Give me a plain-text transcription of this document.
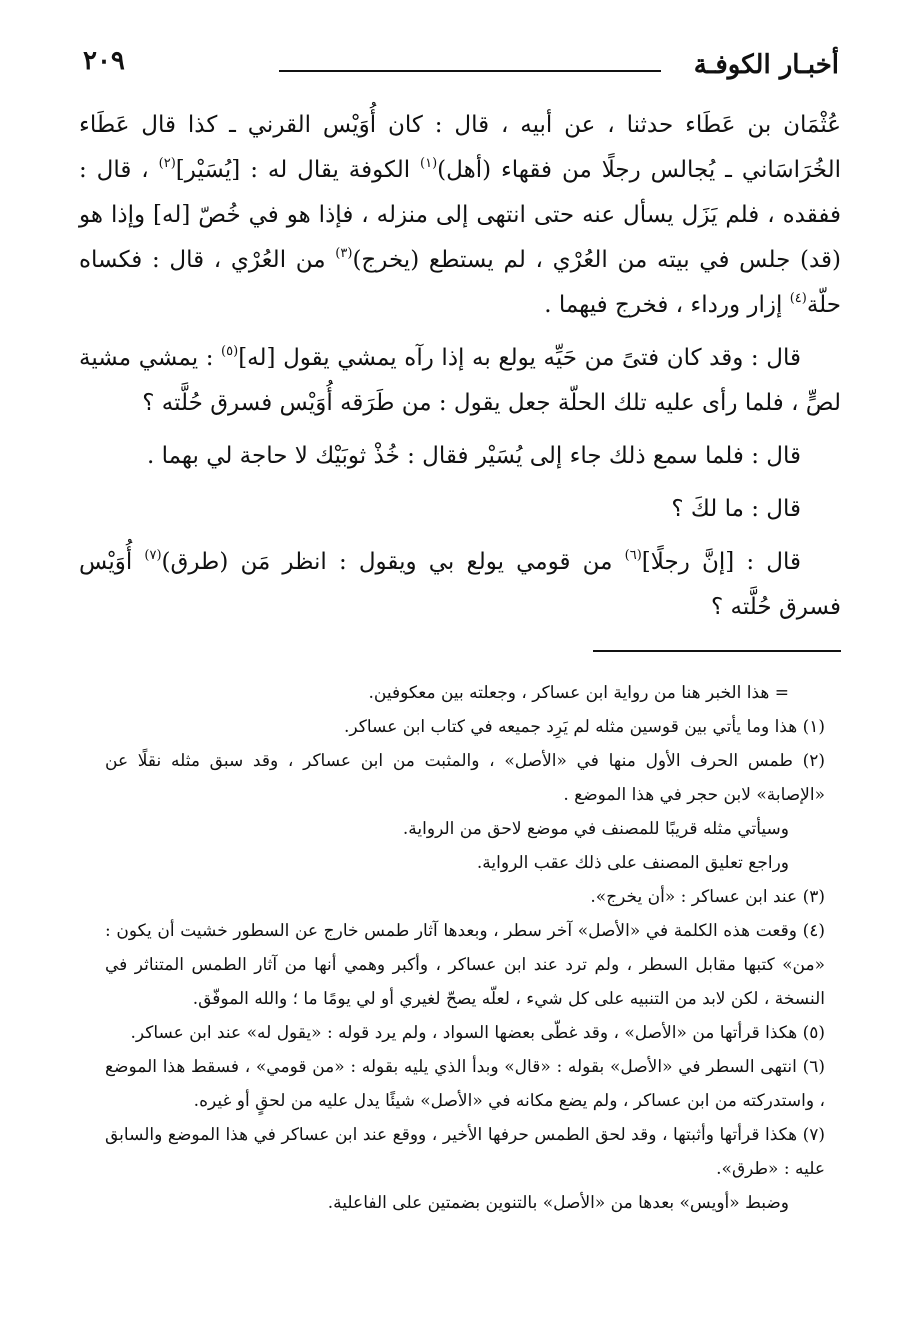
أخبـار الكوفـة
٢٠٩

عُثْمَان بن عَطَاء حدثنا ، عن أبيه ، قال : كان أُوَيْس القرني ـ كذا قال عَطَاء الخُرَاسَاني ـ يُجالس رجلًا من فقهاء (أهل)$^{(١)}$ الكوفة يقال له : [يُسَيْر]$^{(٢)}$ ، قال : ففقده ، فلم يَزَل يسأل عنه حتى انتهى إلى منزله ، فإذا هو في خُصّ [له] وإذا هو (قد) جلس في بيته من العُرْي ، لم يستطع (يخرج)$^{(٣)}$ من العُرْي ، قال : فكساه حلّة$^{(٤)}$ إزار ورداء ، فخرج فيهما .

قال : وقد كان فتىً من حَيِّه يولع به إذا رآه يمشي يقول [له]$^{(٥)}$ : يمشي مشية لصٍّ ، فلما رأى عليه تلك الحلّة جعل يقول : من طَرَقه أُوَيْس فسرق حُلَّته ؟

قال : فلما سمع ذلك جاء إلى يُسَيْر فقال : خُذْ ثوبَيْك لا حاجة لي بهما .

قال : ما لكَ ؟

قال : [إنَّ رجلًا]$^{(٦)}$ من قومي يولع بي ويقول : انظر مَن (طرق)$^{(٧)}$ أُوَيْس فسرق حُلَّته ؟

= هذا الخبر هنا من رواية ابن عساكر ، وجعلته بين معكوفين.

(١) هذا وما يأتي بين قوسين مثله لم يَرِد جميعه في كتاب ابن عساكر.

(٢) طمس الحرف الأول منها في «الأصل» ، والمثبت من ابن عساكر ، وقد سبق مثله نقلًا عن «الإصابة» لابن حجر في هذا الموضع .

وسيأتي مثله قريبًا للمصنف في موضع لاحق من الرواية.

وراجع تعليق المصنف على ذلك عقب الرواية.

(٣) عند ابن عساكر : «أن يخرج».

(٤) وقعت هذه الكلمة في «الأصل» آخر سطر ، وبعدها آثار طمس خارج عن السطور خشيت أن يكون : «من» كتبها مقابل السطر ، ولم ترد عند ابن عساكر ، وأكبر وهمي أنها من آثار الطمس المتناثر في النسخة ، لكن لابد من التنبيه على كل شيء ، لعلّه يصحّ لغيري أو لي يومًا ما ؛ والله الموفّق.

(٥) هكذا قرأتها من «الأصل» ، وقد غطّى بعضها السواد ، ولم يرد قوله : «يقول له» عند ابن عساكر.

(٦) انتهى السطر في «الأصل» بقوله : «قال» وبدأ الذي يليه بقوله : «من قومي» ، فسقط هذا الموضع ، واستدركته من ابن عساكر ، ولم يضع مكانه في «الأصل» شيئًا يدل عليه من لحقٍ أو غيره.

(٧) هكذا قرأتها وأثبتها ، وقد لحق الطمس حرفها الأخير ، ووقع عند ابن عساكر في هذا الموضع والسابق عليه : «طرق».

وضبط «أويس» بعدها من «الأصل» بالتنوين بضمتين على الفاعلية.
